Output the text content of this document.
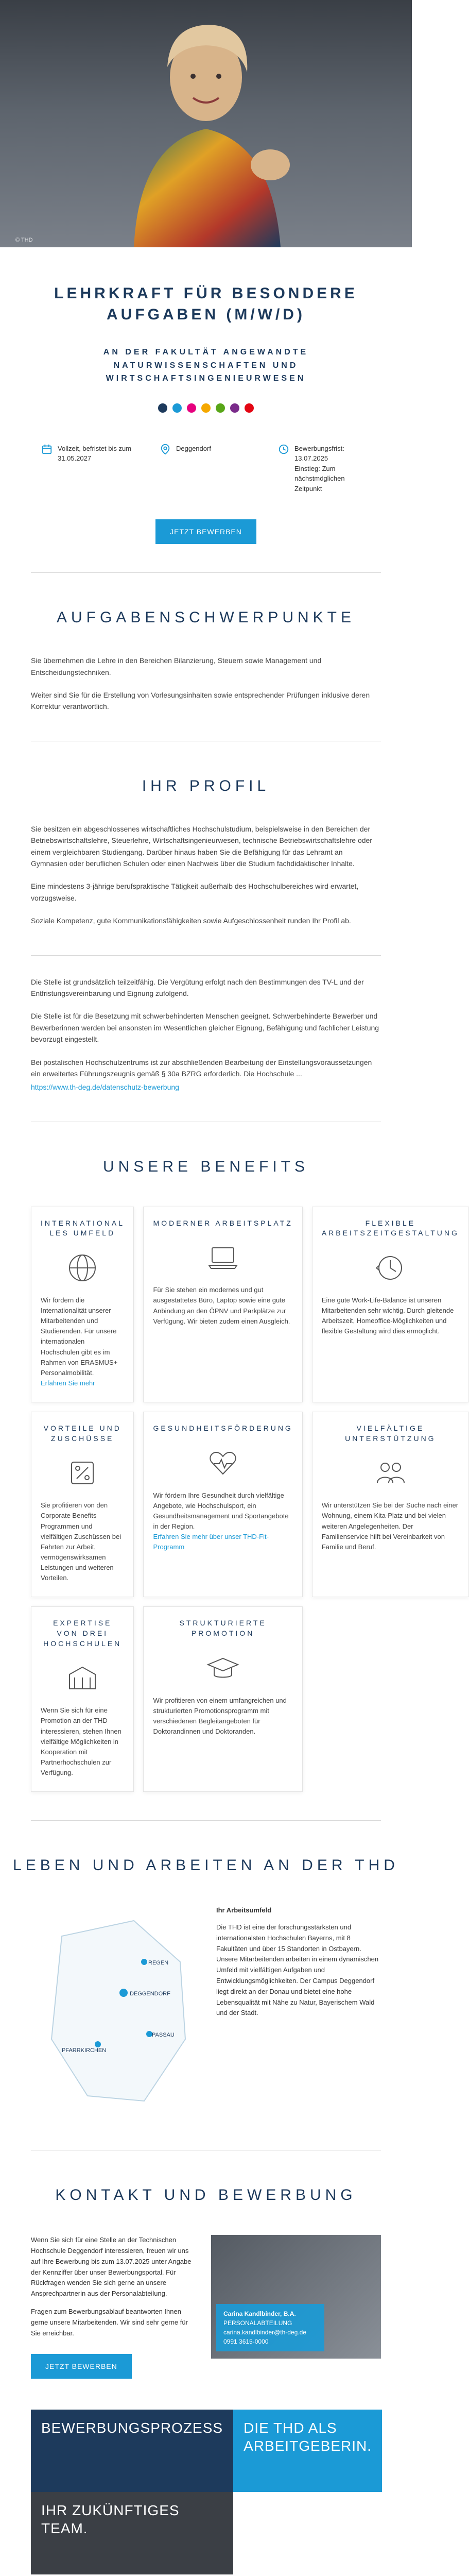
© THD
LEHRKRAFT FÜR BESONDERE AUFGABEN (M/W/D)
AN DER FAKULTÄT ANGEWANDTE NATURWISSENSCHAFTEN UND WIRTSCHAFTSINGENIEURWESEN
Vollzeit, befristet bis zum
31.05.2027
Deggendorf	Bewerbungsfrist:
13.07.2025
Einstieg: Zum nächstmöglichen
Zeitpunkt
JETZT BEWERBEN
AUFGABENSCHWERPUNKTE

Sie übernehmen die Lehre in den Bereichen Bilanzierung, Steuern sowie Management und Entscheidungstechniken.

Weiter sind Sie für die Erstellung von Vorlesungsinhalten sowie entsprechender Prüfungen inklusive deren Korrektur verantwortlich.

IHR PROFIL

Sie besitzen ein abgeschlossenes wirtschaftliches Hochschulstudium, beispielsweise in den Bereichen der Betriebswirtschaftslehre, Steuerlehre, Wirtschaftsingenieurwesen, technische Betriebswirtschaftslehre oder einem vergleichbaren Studiengang. Darüber hinaus haben Sie die Befähigung für das Lehramt an Gymnasien oder beruflichen Schulen oder einen Nachweis über die Studium fachdidaktischer Inhalte.

Eine mindestens 3-jährige berufspraktische Tätigkeit außerhalb des Hochschulbereiches wird erwartet, vorzugsweise.

Soziale Kompetenz, gute Kommunikationsfähigkeiten sowie Aufgeschlossenheit runden Ihr Profil ab.

Die Stelle ist grundsätzlich teilzeitfähig. Die Vergütung erfolgt nach den Bestimmungen des TV-L und der Entfristungsvereinbarung und Eignung zufolgend.

Die Stelle ist für die Besetzung mit schwerbehinderten Menschen geeignet. Schwerbehinderte Bewerber und Bewerberinnen werden bei ansonsten im Wesentlichen gleicher Eignung, Befähigung und fachlicher Leistung bevorzugt eingestellt.

Bei postalischen Hochschulzentrums ist zur abschließenden Bearbeitung der Einstellungsvoraussetzungen ein erweitertes Führungszeugnis gemäß § 30a BZRG erforderlich. Die Hochschule ...

https://www.th-deg.de/datenschutz-bewerbung
UNSERE BENEFITS
INTERNATIONAL LES UMFELD
Wir fördern die Internationalität unserer Mitarbeitenden und Studierenden. Für unsere internationalen Hochschulen gibt es im Rahmen von ERASMUS+ Personalmobilität.
Erfahren Sie mehr
MODERNER ARBEITSPLATZ
Für Sie stehen ein modernes und gut ausgestattetes Büro, Laptop sowie eine gute Anbindung an den ÖPNV und Parkplätze zur Verfügung. Wir bieten zudem einen Ausgleich.
FLEXIBLE ARBEITSZEITGESTALTUNG
Eine gute Work-Life-Balance ist unseren Mitarbeitenden sehr wichtig. Durch gleitende Arbeitszeit, Homeoffice-Möglichkeiten und flexible Gestaltung wird dies ermöglicht.
VORTEILE UND ZUSCHÜSSE
Sie profitieren von den Corporate Benefits Programmen und vielfältigen Zuschüssen bei Fahrten zur Arbeit, vermögenswirksamen Leistungen und weiteren Vorteilen.
GESUNDHEITSFÖRDERUNG
Wir fördern Ihre Gesundheit durch vielfältige Angebote, wie Hochschulsport, ein Gesundheitsmanagement und Sportangebote in der Region.
Erfahren Sie mehr über unser THD-Fit-Programm
VIELFÄLTIGE UNTERSTÜTZUNG
Wir unterstützen Sie bei der Suche nach einer Wohnung, einem Kita-Platz und bei vielen weiteren Angelegenheiten. Der Familienservice hilft bei Vereinbarkeit von Familie und Beruf.
EXPERTISE VON DREI HOCHSCHULEN
Wenn Sie sich für eine Promotion an der THD interessieren, stehen Ihnen vielfältige Möglichkeiten in Kooperation mit Partnerhochschulen zur Verfügung.
STRUKTURIERTE PROMOTION
Wir profitieren von einem umfangreichen und strukturierten Promotionsprogramm mit verschiedenen Begleitangeboten für Doktorandinnen und Doktoranden.
LEBEN UND ARBEITEN AN DER THD
PASSAU
DEGGENDORF
REGEN
PFARRKIRCHEN
Ihr Arbeitsumfeld
Die THD ist eine der forschungsstärksten und internationalsten Hochschulen Bayerns, mit 8 Fakultäten und über 15 Standorten in Ostbayern. Unsere Mitarbeitenden arbeiten in einem dynamischen Umfeld mit vielfältigen Aufgaben und Entwicklungsmöglichkeiten. Der Campus Deggendorf liegt direkt an der Donau und bietet eine hohe Lebensqualität mit Nähe zu Natur, Bayerischem Wald und der Stadt.
KONTAKT UND BEWERBUNG

Wenn Sie sich für eine Stelle an der Technischen Hochschule Deggendorf interessieren, freuen wir uns auf Ihre Bewerbung bis zum 13.07.2025 unter Angabe der Kennziffer über unser Bewerbungsportal. Für Rückfragen wenden Sie sich gerne an unsere Ansprechpartnerin aus der Personalabteilung.

Fragen zum Bewerbungsablauf beantworten Ihnen gerne unsere Mitarbeitenden. Wir sind sehr gerne für Sie erreichbar.

JETZT BEWERBEN
Carina Kandlbinder, B.A.
PERSONALABTEILUNG
carina.kandlbinder@th-deg.de
0991 3615-0000
BEWERBUNGSPROZESS	DIE THD ALS ARBEITGEBERIN.
IHR ZUKÜNFTIGES TEAM.
